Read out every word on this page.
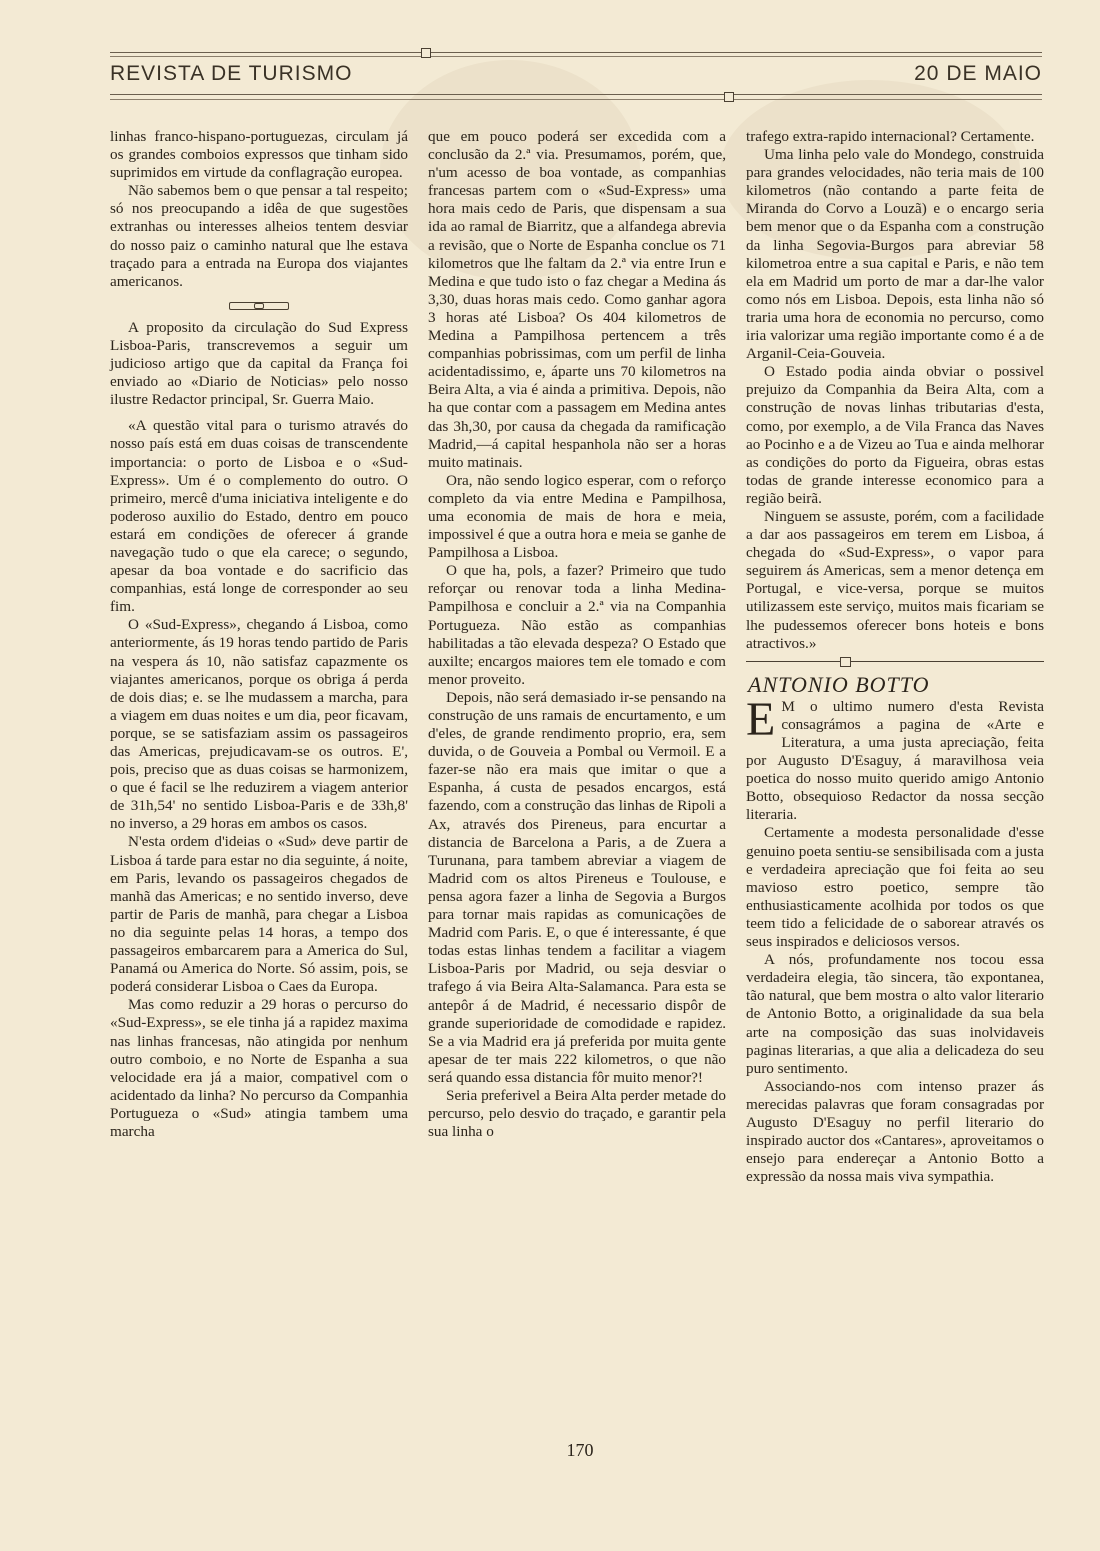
REVISTA DE TURISMO	20 DE MAIO

linhas franco-hispano-portuguezas, circulam já os grandes comboios expressos que tinham sido suprimidos em virtude da conflagração europea.

Não sabemos bem o que pensar a tal respeito; só nos preocupando a idêa de que sugestões extranhas ou interesses alheios tentem desviar do nosso paiz o caminho natural que lhe estava traçado para a entrada na Europa dos viajantes americanos.

A proposito da circulação do Sud Express Lisboa-Paris, transcrevemos a seguir um judicioso artigo que da capital da França foi enviado ao «Diario de Noticias» pelo nosso ilustre Redactor principal, Sr. Guerra Maio.

«A questão vital para o turismo através do nosso país está em duas coisas de transcendente importancia: o porto de Lisboa e o «Sud-Express». Um é o complemento do outro. O primeiro, mercê d'uma iniciativa inteligente e do poderoso auxilio do Estado, dentro em pouco estará em condições de oferecer á grande navegação tudo o que ela carece; o segundo, apesar da boa vontade e do sacrificio das companhias, está longe de corresponder ao seu fim.

O «Sud-Express», chegando á Lisboa, como anteriormente, ás 19 horas tendo partido de Paris na vespera ás 10, não satisfaz capazmente os viajantes americanos, porque os obriga á perda de dois dias; e. se lhe mudassem a marcha, para a viagem em duas noites e um dia, peor ficavam, porque, se se satisfaziam assim os passageiros das Americas, prejudicavam-se os outros. E', pois, preciso que as duas coisas se harmonizem, o que é facil se lhe reduzirem a viagem anterior de 31h,54' no sentido Lisboa-Paris e de 33h,8' no inverso, a 29 horas em ambos os casos.

N'esta ordem d'ideias o «Sud» deve partir de Lisboa á tarde para estar no dia seguinte, á noite, em Paris, levando os passageiros chegados de manhã das Americas; e no sentido inverso, deve partir de Paris de manhã, para chegar a Lisboa no dia seguinte pelas 14 horas, a tempo dos passageiros embarcarem para a America do Sul, Panamá ou America do Norte. Só assim, pois, se poderá considerar Lisboa o Caes da Europa.

Mas como reduzir a 29 horas o percurso do «Sud-Express», se ele tinha já a rapidez maxima nas linhas francesas, não atingida por nenhum outro comboio, e no Norte de Espanha a sua velocidade era já a maior, compativel com o acidentado da linha? No percurso da Companhia Portugueza o «Sud» atingia tambem uma marcha

que em pouco poderá ser excedida com a conclusão da 2.ª via. Presumamos, porém, que, n'um acesso de boa vontade, as companhias francesas partem com o «Sud-Express» uma hora mais cedo de Paris, que dispensam a sua ida ao ramal de Biarritz, que a alfandega abrevia a revisão, que o Norte de Espanha conclue os 71 kilometros que lhe faltam da 2.ª via entre Irun e Medina e que tudo isto o faz chegar a Medina ás 3,30, duas horas mais cedo. Como ganhar agora 3 horas até Lisboa? Os 404 kilometros de Medina a Pampilhosa pertencem a três companhias pobrissimas, com um perfil de linha acidentadissimo, e, áparte uns 70 kilometros na Beira Alta, a via é ainda a primitiva. Depois, não ha que contar com a passagem em Medina antes das 3h,30, por causa da chegada da ramificação Madrid,—á capital hespanhola não ser a horas muito matinais.

Ora, não sendo logico esperar, com o reforço completo da via entre Medina e Pampilhosa, uma economia de mais de hora e meia, impossivel é que a outra hora e meia se ganhe de Pampilhosa a Lisboa.

O que ha, pols, a fazer? Primeiro que tudo reforçar ou renovar toda a linha Medina-Pampilhosa e concluir a 2.ª via na Companhia Portugueza. Não estão as companhias habilitadas a tão elevada despeza? O Estado que auxilte; encargos maiores tem ele tomado e com menor proveito.

Depois, não será demasiado ir-se pensando na construção de uns ramais de encurtamento, e um d'eles, de grande rendimento proprio, era, sem duvida, o de Gouveia a Pombal ou Vermoil. E a fazer-se não era mais que imitar o que a Espanha, á custa de pesados encargos, está fazendo, com a construção das linhas de Ripoli a Ax, através dos Pireneus, para encurtar a distancia de Barcelona a Paris, a de Zuera a Turunana, para tambem abreviar a viagem de Madrid com os altos Pireneus e Toulouse, e pensa agora fazer a linha de Segovia a Burgos para tornar mais rapidas as comunicações de Madrid com Paris. E, o que é interessante, é que todas estas linhas tendem a facilitar a viagem Lisboa-Paris por Madrid, ou seja desviar o trafego á via Beira Alta-Salamanca. Para esta se antepôr á de Madrid, é necessario dispôr de grande superioridade de comodidade e rapidez. Se a via Madrid era já preferida por muita gente apesar de ter mais 222 kilometros, o que não será quando essa distancia fôr muito menor?!

Seria preferivel a Beira Alta perder metade do percurso, pelo desvio do traçado, e garantir pela sua linha o

trafego extra-rapido internacional? Certamente.

Uma linha pelo vale do Mondego, construida para grandes velocidades, não teria mais de 100 kilometros (não contando a parte feita de Miranda do Corvo a Louzã) e o encargo seria bem menor que o da Espanha com a construção da linha Segovia-Burgos para abreviar 58 kilometroa entre a sua capital e Paris, e não tem ela em Madrid um porto de mar a dar-lhe valor como nós em Lisboa. Depois, esta linha não só traria uma hora de economia no percurso, como iria valorizar uma região importante como é a de Arganil-Ceia-Gouveia.

O Estado podia ainda obviar o possivel prejuizo da Companhia da Beira Alta, com a construção de novas linhas tributarias d'esta, como, por exemplo, a de Vila Franca das Naves ao Pocinho e a de Vizeu ao Tua e ainda melhorar as condições do porto da Figueira, obras estas todas de grande interesse economico para a região beirã.

Ninguem se assuste, porém, com a facilidade a dar aos passageiros em terem em Lisboa, á chegada do «Sud-Express», o vapor para seguirem ás Americas, sem a menor detença em Portugal, e vice-versa, porque se muitos utilizassem este serviço, muitos mais ficariam se lhe pudessemos oferecer bons hoteis e bons atractivos.»

ANTONIO BOTTO

E M o ultimo numero d'esta Revista consagrámos a pagina de «Arte e Literatura, a uma justa apreciação, feita por Augusto D'Esaguy, á maravilhosa veia poetica do nosso muito querido amigo Antonio Botto, obsequioso Redactor da nossa secção literaria.

Certamente a modesta personalidade d'esse genuino poeta sentiu-se sensibilisada com a justa e verdadeira apreciação que foi feita ao seu mavioso estro poetico, sempre tão enthusiasticamente acolhida por todos os que teem tido a felicidade de o saborear através os seus inspirados e deliciosos versos.

A nós, profundamente nos tocou essa verdadeira elegia, tão sincera, tão expontanea, tão natural, que bem mostra o alto valor literario de Antonio Botto, a originalidade da sua bela arte na composição das suas inolvidaveis paginas literarias, a que alia a delicadeza do seu puro sentimento.

Associando-nos com intenso prazer ás merecidas palavras que foram consagradas por Augusto D'Esaguy no perfil literario do inspirado auctor dos «Cantares», aproveitamos o ensejo para endereçar a Antonio Botto a expressão da nossa mais viva sympathia.

170
